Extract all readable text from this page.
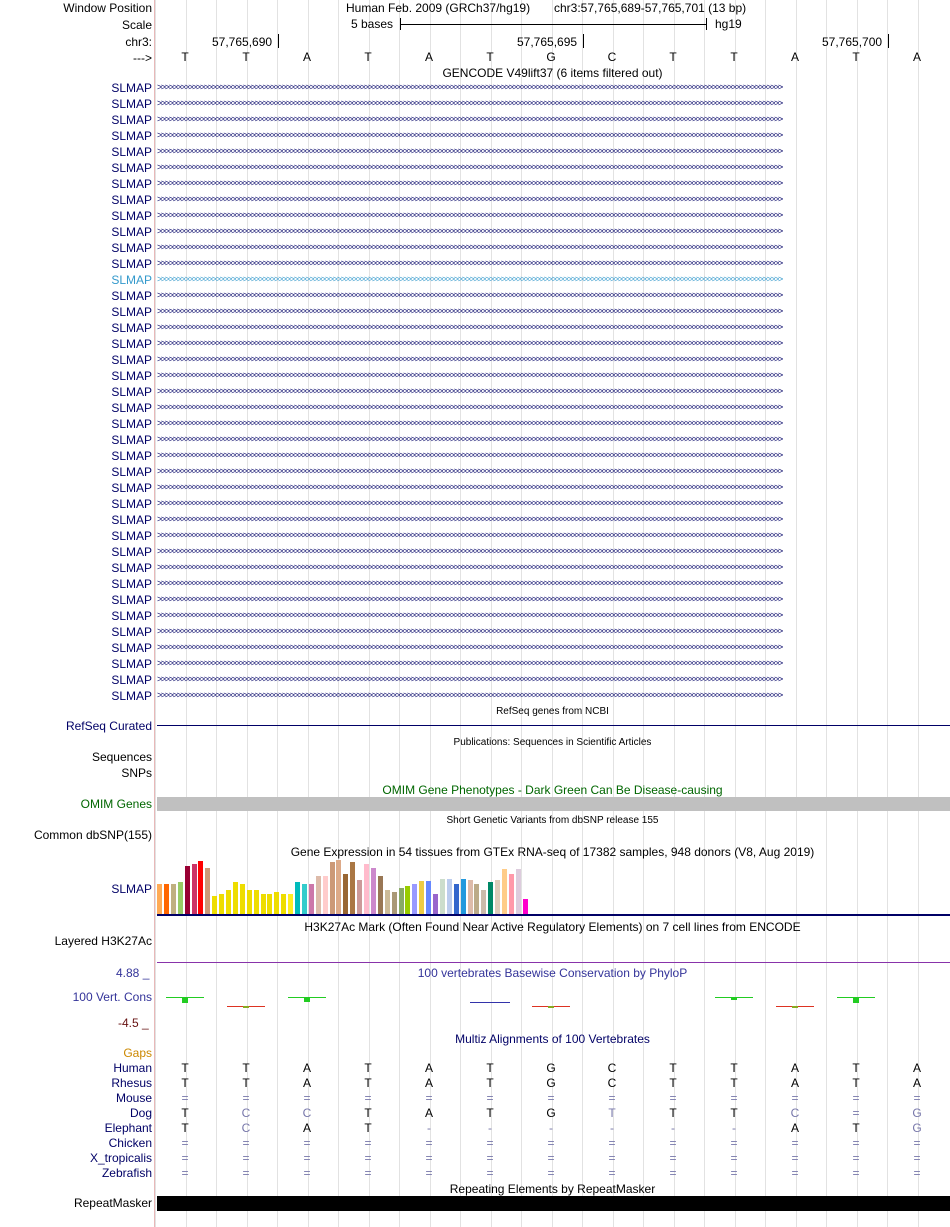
Window Position	Human Feb. 2009 (GRCh37/hg19) chr3:57,765,689-57,765,701 (13 bp)
Scale	5 bases	hg19
chr3:	57,765,690	57,765,695	57,765,700
--->	T	T	A	T	A	T	G	C	T	T	A	T	A
GENCODE V49lift37 (6 items filtered out)
SLMAP >>>>>>>>>>>>>>>>>>>>>>>>>>>>>>>>>>>>>>>>>>>>>>>>>>>>>>>>>>>>>>>>>>>>>>>>>>>>>>>>>>>>>>>>>>>>>>>>>>>>>>>>>>>>>>>>>>>>>>>>>>>>>>>>>>>>>>>>>>>>>>>>>>>>>>>>>>>>>>>>
SLMAP >>>>>>>>>>>>>>>>>>>>>>>>>>>>>>>>>>>>>>>>>>>>>>>>>>>>>>>>>>>>>>>>>>>>>>>>>>>>>>>>>>>>>>>>>>>>>>>>>>>>>>>>>>>>>>>>>>>>>>>>>>>>>>>>>>>>>>>>>>>>>>>>>>>>>>>>>>>>>>>>
SLMAP >>>>>>>>>>>>>>>>>>>>>>>>>>>>>>>>>>>>>>>>>>>>>>>>>>>>>>>>>>>>>>>>>>>>>>>>>>>>>>>>>>>>>>>>>>>>>>>>>>>>>>>>>>>>>>>>>>>>>>>>>>>>>>>>>>>>>>>>>>>>>>>>>>>>>>>>>>>>>>>>
SLMAP >>>>>>>>>>>>>>>>>>>>>>>>>>>>>>>>>>>>>>>>>>>>>>>>>>>>>>>>>>>>>>>>>>>>>>>>>>>>>>>>>>>>>>>>>>>>>>>>>>>>>>>>>>>>>>>>>>>>>>>>>>>>>>>>>>>>>>>>>>>>>>>>>>>>>>>>>>>>>>>>
SLMAP >>>>>>>>>>>>>>>>>>>>>>>>>>>>>>>>>>>>>>>>>>>>>>>>>>>>>>>>>>>>>>>>>>>>>>>>>>>>>>>>>>>>>>>>>>>>>>>>>>>>>>>>>>>>>>>>>>>>>>>>>>>>>>>>>>>>>>>>>>>>>>>>>>>>>>>>>>>>>>>>
SLMAP >>>>>>>>>>>>>>>>>>>>>>>>>>>>>>>>>>>>>>>>>>>>>>>>>>>>>>>>>>>>>>>>>>>>>>>>>>>>>>>>>>>>>>>>>>>>>>>>>>>>>>>>>>>>>>>>>>>>>>>>>>>>>>>>>>>>>>>>>>>>>>>>>>>>>>>>>>>>>>>>
SLMAP >>>>>>>>>>>>>>>>>>>>>>>>>>>>>>>>>>>>>>>>>>>>>>>>>>>>>>>>>>>>>>>>>>>>>>>>>>>>>>>>>>>>>>>>>>>>>>>>>>>>>>>>>>>>>>>>>>>>>>>>>>>>>>>>>>>>>>>>>>>>>>>>>>>>>>>>>>>>>>>>
SLMAP >>>>>>>>>>>>>>>>>>>>>>>>>>>>>>>>>>>>>>>>>>>>>>>>>>>>>>>>>>>>>>>>>>>>>>>>>>>>>>>>>>>>>>>>>>>>>>>>>>>>>>>>>>>>>>>>>>>>>>>>>>>>>>>>>>>>>>>>>>>>>>>>>>>>>>>>>>>>>>>>
SLMAP >>>>>>>>>>>>>>>>>>>>>>>>>>>>>>>>>>>>>>>>>>>>>>>>>>>>>>>>>>>>>>>>>>>>>>>>>>>>>>>>>>>>>>>>>>>>>>>>>>>>>>>>>>>>>>>>>>>>>>>>>>>>>>>>>>>>>>>>>>>>>>>>>>>>>>>>>>>>>>>>
SLMAP >>>>>>>>>>>>>>>>>>>>>>>>>>>>>>>>>>>>>>>>>>>>>>>>>>>>>>>>>>>>>>>>>>>>>>>>>>>>>>>>>>>>>>>>>>>>>>>>>>>>>>>>>>>>>>>>>>>>>>>>>>>>>>>>>>>>>>>>>>>>>>>>>>>>>>>>>>>>>>>>
SLMAP >>>>>>>>>>>>>>>>>>>>>>>>>>>>>>>>>>>>>>>>>>>>>>>>>>>>>>>>>>>>>>>>>>>>>>>>>>>>>>>>>>>>>>>>>>>>>>>>>>>>>>>>>>>>>>>>>>>>>>>>>>>>>>>>>>>>>>>>>>>>>>>>>>>>>>>>>>>>>>>>
SLMAP >>>>>>>>>>>>>>>>>>>>>>>>>>>>>>>>>>>>>>>>>>>>>>>>>>>>>>>>>>>>>>>>>>>>>>>>>>>>>>>>>>>>>>>>>>>>>>>>>>>>>>>>>>>>>>>>>>>>>>>>>>>>>>>>>>>>>>>>>>>>>>>>>>>>>>>>>>>>>>>>
SLMAP >>>>>>>>>>>>>>>>>>>>>>>>>>>>>>>>>>>>>>>>>>>>>>>>>>>>>>>>>>>>>>>>>>>>>>>>>>>>>>>>>>>>>>>>>>>>>>>>>>>>>>>>>>>>>>>>>>>>>>>>>>>>>>>>>>>>>>>>>>>>>>>>>>>>>>>>>>>>>>>>
SLMAP >>>>>>>>>>>>>>>>>>>>>>>>>>>>>>>>>>>>>>>>>>>>>>>>>>>>>>>>>>>>>>>>>>>>>>>>>>>>>>>>>>>>>>>>>>>>>>>>>>>>>>>>>>>>>>>>>>>>>>>>>>>>>>>>>>>>>>>>>>>>>>>>>>>>>>>>>>>>>>>>
SLMAP >>>>>>>>>>>>>>>>>>>>>>>>>>>>>>>>>>>>>>>>>>>>>>>>>>>>>>>>>>>>>>>>>>>>>>>>>>>>>>>>>>>>>>>>>>>>>>>>>>>>>>>>>>>>>>>>>>>>>>>>>>>>>>>>>>>>>>>>>>>>>>>>>>>>>>>>>>>>>>>>
SLMAP >>>>>>>>>>>>>>>>>>>>>>>>>>>>>>>>>>>>>>>>>>>>>>>>>>>>>>>>>>>>>>>>>>>>>>>>>>>>>>>>>>>>>>>>>>>>>>>>>>>>>>>>>>>>>>>>>>>>>>>>>>>>>>>>>>>>>>>>>>>>>>>>>>>>>>>>>>>>>>>>
SLMAP >>>>>>>>>>>>>>>>>>>>>>>>>>>>>>>>>>>>>>>>>>>>>>>>>>>>>>>>>>>>>>>>>>>>>>>>>>>>>>>>>>>>>>>>>>>>>>>>>>>>>>>>>>>>>>>>>>>>>>>>>>>>>>>>>>>>>>>>>>>>>>>>>>>>>>>>>>>>>>>>
SLMAP >>>>>>>>>>>>>>>>>>>>>>>>>>>>>>>>>>>>>>>>>>>>>>>>>>>>>>>>>>>>>>>>>>>>>>>>>>>>>>>>>>>>>>>>>>>>>>>>>>>>>>>>>>>>>>>>>>>>>>>>>>>>>>>>>>>>>>>>>>>>>>>>>>>>>>>>>>>>>>>>
SLMAP >>>>>>>>>>>>>>>>>>>>>>>>>>>>>>>>>>>>>>>>>>>>>>>>>>>>>>>>>>>>>>>>>>>>>>>>>>>>>>>>>>>>>>>>>>>>>>>>>>>>>>>>>>>>>>>>>>>>>>>>>>>>>>>>>>>>>>>>>>>>>>>>>>>>>>>>>>>>>>>>
SLMAP >>>>>>>>>>>>>>>>>>>>>>>>>>>>>>>>>>>>>>>>>>>>>>>>>>>>>>>>>>>>>>>>>>>>>>>>>>>>>>>>>>>>>>>>>>>>>>>>>>>>>>>>>>>>>>>>>>>>>>>>>>>>>>>>>>>>>>>>>>>>>>>>>>>>>>>>>>>>>>>>
SLMAP >>>>>>>>>>>>>>>>>>>>>>>>>>>>>>>>>>>>>>>>>>>>>>>>>>>>>>>>>>>>>>>>>>>>>>>>>>>>>>>>>>>>>>>>>>>>>>>>>>>>>>>>>>>>>>>>>>>>>>>>>>>>>>>>>>>>>>>>>>>>>>>>>>>>>>>>>>>>>>>>
SLMAP >>>>>>>>>>>>>>>>>>>>>>>>>>>>>>>>>>>>>>>>>>>>>>>>>>>>>>>>>>>>>>>>>>>>>>>>>>>>>>>>>>>>>>>>>>>>>>>>>>>>>>>>>>>>>>>>>>>>>>>>>>>>>>>>>>>>>>>>>>>>>>>>>>>>>>>>>>>>>>>>
SLMAP >>>>>>>>>>>>>>>>>>>>>>>>>>>>>>>>>>>>>>>>>>>>>>>>>>>>>>>>>>>>>>>>>>>>>>>>>>>>>>>>>>>>>>>>>>>>>>>>>>>>>>>>>>>>>>>>>>>>>>>>>>>>>>>>>>>>>>>>>>>>>>>>>>>>>>>>>>>>>>>>
SLMAP >>>>>>>>>>>>>>>>>>>>>>>>>>>>>>>>>>>>>>>>>>>>>>>>>>>>>>>>>>>>>>>>>>>>>>>>>>>>>>>>>>>>>>>>>>>>>>>>>>>>>>>>>>>>>>>>>>>>>>>>>>>>>>>>>>>>>>>>>>>>>>>>>>>>>>>>>>>>>>>>
SLMAP >>>>>>>>>>>>>>>>>>>>>>>>>>>>>>>>>>>>>>>>>>>>>>>>>>>>>>>>>>>>>>>>>>>>>>>>>>>>>>>>>>>>>>>>>>>>>>>>>>>>>>>>>>>>>>>>>>>>>>>>>>>>>>>>>>>>>>>>>>>>>>>>>>>>>>>>>>>>>>>>
SLMAP >>>>>>>>>>>>>>>>>>>>>>>>>>>>>>>>>>>>>>>>>>>>>>>>>>>>>>>>>>>>>>>>>>>>>>>>>>>>>>>>>>>>>>>>>>>>>>>>>>>>>>>>>>>>>>>>>>>>>>>>>>>>>>>>>>>>>>>>>>>>>>>>>>>>>>>>>>>>>>>>
SLMAP >>>>>>>>>>>>>>>>>>>>>>>>>>>>>>>>>>>>>>>>>>>>>>>>>>>>>>>>>>>>>>>>>>>>>>>>>>>>>>>>>>>>>>>>>>>>>>>>>>>>>>>>>>>>>>>>>>>>>>>>>>>>>>>>>>>>>>>>>>>>>>>>>>>>>>>>>>>>>>>>
SLMAP >>>>>>>>>>>>>>>>>>>>>>>>>>>>>>>>>>>>>>>>>>>>>>>>>>>>>>>>>>>>>>>>>>>>>>>>>>>>>>>>>>>>>>>>>>>>>>>>>>>>>>>>>>>>>>>>>>>>>>>>>>>>>>>>>>>>>>>>>>>>>>>>>>>>>>>>>>>>>>>>
SLMAP >>>>>>>>>>>>>>>>>>>>>>>>>>>>>>>>>>>>>>>>>>>>>>>>>>>>>>>>>>>>>>>>>>>>>>>>>>>>>>>>>>>>>>>>>>>>>>>>>>>>>>>>>>>>>>>>>>>>>>>>>>>>>>>>>>>>>>>>>>>>>>>>>>>>>>>>>>>>>>>>
SLMAP >>>>>>>>>>>>>>>>>>>>>>>>>>>>>>>>>>>>>>>>>>>>>>>>>>>>>>>>>>>>>>>>>>>>>>>>>>>>>>>>>>>>>>>>>>>>>>>>>>>>>>>>>>>>>>>>>>>>>>>>>>>>>>>>>>>>>>>>>>>>>>>>>>>>>>>>>>>>>>>>
SLMAP >>>>>>>>>>>>>>>>>>>>>>>>>>>>>>>>>>>>>>>>>>>>>>>>>>>>>>>>>>>>>>>>>>>>>>>>>>>>>>>>>>>>>>>>>>>>>>>>>>>>>>>>>>>>>>>>>>>>>>>>>>>>>>>>>>>>>>>>>>>>>>>>>>>>>>>>>>>>>>>>
SLMAP >>>>>>>>>>>>>>>>>>>>>>>>>>>>>>>>>>>>>>>>>>>>>>>>>>>>>>>>>>>>>>>>>>>>>>>>>>>>>>>>>>>>>>>>>>>>>>>>>>>>>>>>>>>>>>>>>>>>>>>>>>>>>>>>>>>>>>>>>>>>>>>>>>>>>>>>>>>>>>>>
SLMAP >>>>>>>>>>>>>>>>>>>>>>>>>>>>>>>>>>>>>>>>>>>>>>>>>>>>>>>>>>>>>>>>>>>>>>>>>>>>>>>>>>>>>>>>>>>>>>>>>>>>>>>>>>>>>>>>>>>>>>>>>>>>>>>>>>>>>>>>>>>>>>>>>>>>>>>>>>>>>>>>
SLMAP >>>>>>>>>>>>>>>>>>>>>>>>>>>>>>>>>>>>>>>>>>>>>>>>>>>>>>>>>>>>>>>>>>>>>>>>>>>>>>>>>>>>>>>>>>>>>>>>>>>>>>>>>>>>>>>>>>>>>>>>>>>>>>>>>>>>>>>>>>>>>>>>>>>>>>>>>>>>>>>>
SLMAP >>>>>>>>>>>>>>>>>>>>>>>>>>>>>>>>>>>>>>>>>>>>>>>>>>>>>>>>>>>>>>>>>>>>>>>>>>>>>>>>>>>>>>>>>>>>>>>>>>>>>>>>>>>>>>>>>>>>>>>>>>>>>>>>>>>>>>>>>>>>>>>>>>>>>>>>>>>>>>>>
SLMAP >>>>>>>>>>>>>>>>>>>>>>>>>>>>>>>>>>>>>>>>>>>>>>>>>>>>>>>>>>>>>>>>>>>>>>>>>>>>>>>>>>>>>>>>>>>>>>>>>>>>>>>>>>>>>>>>>>>>>>>>>>>>>>>>>>>>>>>>>>>>>>>>>>>>>>>>>>>>>>>>
SLMAP >>>>>>>>>>>>>>>>>>>>>>>>>>>>>>>>>>>>>>>>>>>>>>>>>>>>>>>>>>>>>>>>>>>>>>>>>>>>>>>>>>>>>>>>>>>>>>>>>>>>>>>>>>>>>>>>>>>>>>>>>>>>>>>>>>>>>>>>>>>>>>>>>>>>>>>>>>>>>>>>
SLMAP >>>>>>>>>>>>>>>>>>>>>>>>>>>>>>>>>>>>>>>>>>>>>>>>>>>>>>>>>>>>>>>>>>>>>>>>>>>>>>>>>>>>>>>>>>>>>>>>>>>>>>>>>>>>>>>>>>>>>>>>>>>>>>>>>>>>>>>>>>>>>>>>>>>>>>>>>>>>>>>>
SLMAP >>>>>>>>>>>>>>>>>>>>>>>>>>>>>>>>>>>>>>>>>>>>>>>>>>>>>>>>>>>>>>>>>>>>>>>>>>>>>>>>>>>>>>>>>>>>>>>>>>>>>>>>>>>>>>>>>>>>>>>>>>>>>>>>>>>>>>>>>>>>>>>>>>>>>>>>>>>>>>>>
RefSeq genes from NCBI
RefSeq Curated
Publications: Sequences in Scientific Articles
Sequences
SNPs
OMIM Gene Phenotypes - Dark Green Can Be Disease-causing
OMIM Genes
Short Genetic Variants from dbSNP release 155
Common dbSNP(155)
Gene Expression in 54 tissues from GTEx RNA-seq of 17382 samples, 948 donors (V8, Aug 2019)
SLMAP
H3K27Ac Mark (Often Found Near Active Regulatory Elements) on 7 cell lines from ENCODE
Layered H3K27Ac
100 vertebrates Basewise Conservation by PhyloP
4.88 _
100 Vert. Cons
-4.5 _
Multiz Alignments of 100 Vertebrates
Gaps
Human	T	T	A	T	A	T	G	C	T	T	A	T	A
Rhesus	T	T	A	T	A	T	G	C	T	T	A	T	A
Mouse	=	=	=	=	=	=	=	=	=	=	=	=	=
Dog	T	C	C	T	A	T	G	T	T	T	C	=	G
Elephant	T	C	A	T	-	-	-	-	-	-	A	T	G
Chicken	=	=	=	=	=	=	=	=	=	=	=	=	=
X_tropicalis	=	=	=	=	=	=	=	=	=	=	=	=	=
Zebrafish	=	=	=	=	=	=	=	=	=	=	=	=	=
Repeating Elements by RepeatMasker
RepeatMasker
